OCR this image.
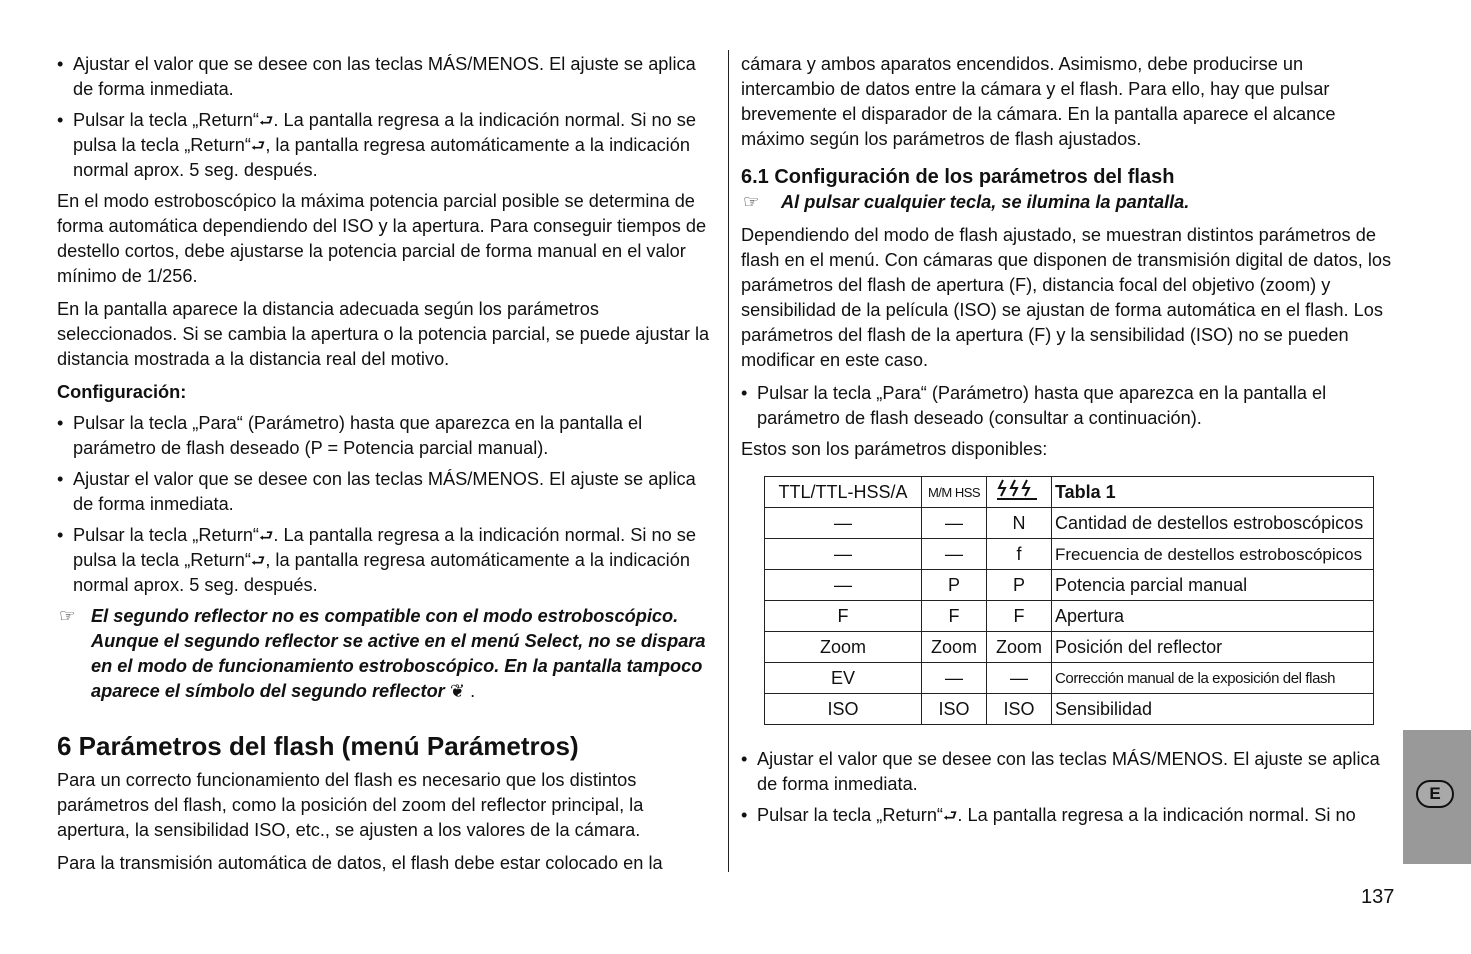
• Ajustar el valor que se desee con las teclas MÁS/MENOS. El ajuste se aplica de forma inmediata.
• Pulsar la tecla „Return“⮐. La pantalla regresa a la indicación normal. Si no se pulsa la tecla „Return“⮐, la pantalla regresa automáticamente a la indicación normal aprox. 5 seg. después.

En el modo estroboscópico la máxima potencia parcial posible se determina de forma automática dependiendo del ISO y la apertura. Para conseguir tiempos de destello cortos, debe ajustarse la potencia parcial de forma manual en el valor mínimo de 1/256.

En la pantalla aparece la distancia adecuada según los parámetros seleccionados. Si se cambia la apertura o la potencia parcial, se puede ajustar la distancia mostrada a la distancia real del motivo.

Configuración:
• Pulsar la tecla „Para“ (Parámetro) hasta que aparezca en la pantalla el parámetro de flash deseado (P = Potencia parcial manual).
• Ajustar el valor que se desee con las teclas MÁS/MENOS. El ajuste se aplica de forma inmediata.
• Pulsar la tecla „Return“⮐. La pantalla regresa a la indicación normal. Si no se pulsa la tecla „Return“⮐, la pantalla regresa automáticamente a la indicación normal aprox. 5 seg. después.
☞ El segundo reflector no es compatible con el modo estroboscópico. Aunque el segundo reflector se active en el menú Select, no se dispara en el modo de funcionamiento estroboscópico. En la pantalla tampoco aparece el símbolo del segundo reflector ❦ .
6 Parámetros del flash (menú Parámetros)

Para un correcto funcionamiento del flash es necesario que los distintos parámetros del flash, como la posición del zoom del reflector principal, la apertura, la sensibilidad ISO, etc., se ajusten a los valores de la cámara.

Para la transmisión automática de datos, el flash debe estar colocado en la

cámara y ambos aparatos encendidos. Asimismo, debe producirse un intercambio de datos entre la cámara y el flash. Para ello, hay que pulsar brevemente el disparador de la cámara. En la pantalla aparece el alcance máximo según los parámetros de flash ajustados.

6.1 Configuración de los parámetros del flash
☞ Al pulsar cualquier tecla, se ilumina la pantalla.

Dependiendo del modo de flash ajustado, se muestran distintos parámetros de flash en el menú. Con cámaras que disponen de transmisión digital de datos, los parámetros del flash de apertura (F), distancia focal del objetivo (zoom) y sensibilidad de la película (ISO) se ajustan de forma automática en el flash. Los parámetros del flash de la apertura (F) y la sensibilidad (ISO) no se pueden modificar en este caso.

• Pulsar la tecla „Para“ (Parámetro) hasta que aparezca en la pantalla el parámetro de flash deseado (consultar a continuación).

Estos son los parámetros disponibles:

TTL/TTL-HSS/A	M/M HSS		Tabla 1
—	—	N	Cantidad de destellos estroboscópicos
—	—	f	Frecuencia de destellos estroboscópicos
—	P	P	Potencia parcial manual
F	F	F	Apertura
Zoom	Zoom	Zoom	Posición del reflector
EV	—	—	Corrección manual de la exposición del flash
ISO	ISO	ISO	Sensibilidad
• Ajustar el valor que se desee con las teclas MÁS/MENOS. El ajuste se aplica de forma inmediata.
• Pulsar la tecla „Return“⮐. La pantalla regresa a la indicación normal. Si no
E
137
